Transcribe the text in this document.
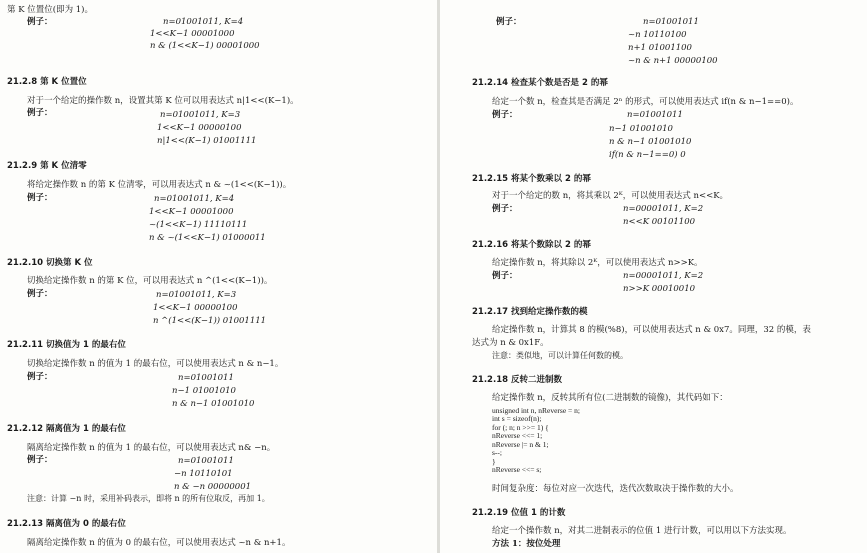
第 K 位置位(即为 1)。
例子：	n=01001011, K=4
1<<K−1 00001000
n & (1<<K−1) 00001000
21.2.8 第 K 位置位
对于一个给定的操作数 n，设置其第 K 位可以用表达式 n|1<<(K−1)。
例子：	n=01001011, K=3
1<<K−1 00000100
n|1<<(K−1) 01001111
21.2.9 第 K 位清零
将给定操作数 n 的第 K 位清零，可以用表达式 n & ~(1<<(K−1))。
例子：	n=01001011, K=4
1<<K−1 00001000
~(1<<K−1) 11110111
n & ~(1<<K−1) 01000011
21.2.10 切换第 K 位
切换给定操作数 n 的第 K 位，可以用表达式 n ^(1<<(K−1))。
例子：	n=01001011, K=3
1<<K−1 00000100
n ^(1<<(K−1)) 01001111
21.2.11 切换值为 1 的最右位
切换给定操作数 n 的值为 1 的最右位，可以使用表达式 n & n−1。
例子：	n=01001011
n−1 01001010
n & n−1 01001010
21.2.12 隔离值为 1 的最右位
隔离给定操作数 n 的值为 1 的最右位，可以使用表达式 n& −n。
例子：	n=01001011
−n 10110101
n & −n 00000001
注意：计算 −n 时，采用补码表示，即将 n 的所有位取反，再加 1。
21.2.13 隔离值为 0 的最右位
隔离给定操作数 n 的值为 0 的最右位，可以使用表达式 ~n & n+1。
例子：	n=01001011
~n 10110100
n+1 01001100
~n & n+1 00000100
21.2.14 检查某个数是否是 2 的幂
给定一个数 n，检查其是否满足 2ⁿ 的形式，可以使用表达式 if(n & n−1==0)。
例子：	n=01001011
n−1 01001010
n & n−1 01001010
if(n & n−1==0) 0
21.2.15 将某个数乘以 2 的幂
对于一个给定的数 n，将其乘以 2ᴷ，可以使用表达式 n<<K。
例子：	n=00001011, K=2
n<<K 00101100
21.2.16 将某个数除以 2 的幂
给定操作数 n，将其除以 2ᴷ，可以使用表达式 n>>K。
例子：	n=00001011, K=2
n>>K 00010010
21.2.17 找到给定操作数的模
给定操作数 n，计算其 8 的模(%8)，可以使用表达式 n & 0x7。同理，32 的模，表
达式为 n & 0x1F。
注意：类似地，可以计算任何数的模。
21.2.18 反转二进制数
给定操作数 n，反转其所有位(二进制数的镜像)，其代码如下：
unsigned int n, nReverse = n;
int s = sizeof(n);
for (; n; n >>= 1) {
nReverse <<= 1;
nReverse |= n & 1;
s--;
}
nReverse <<= s;
时间复杂度：每位对应一次迭代，迭代次数取决于操作数的大小。
21.2.19 位值 1 的计数
给定一个操作数 n，对其二进制表示的位值 1 进行计数，可以用以下方法实现。
方法 1：按位处理
